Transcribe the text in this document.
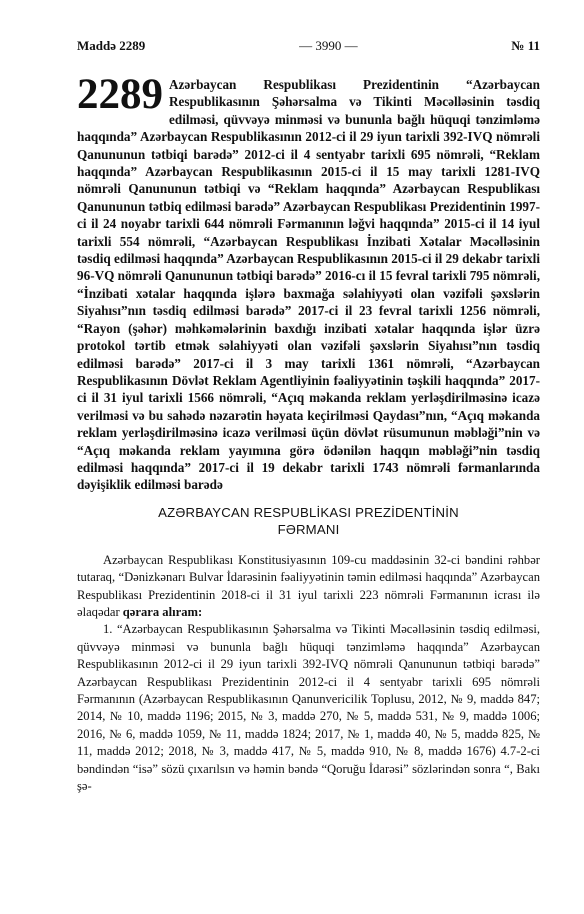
Maddə 2289	— 3990 —	№ 11
2289 Azərbaycan Respublikası Prezidentinin “Azərbaycan Respublikasının Şəhərsalma və Tikinti Məcəlləsinin təsdiq edilməsi, qüvvəyə minməsi və bununla bağlı hüquqi tənzimləmə haqqında” Azərbaycan Respublikasının 2012-ci il 29 iyun tarixli 392-IVQ nömrəli Qanununun tətbiqi barədə” 2012-ci il 4 sentyabr tarixli 695 nömrəli, “Reklam haqqında” Azərbaycan Respublikasının 2015-ci il 15 may tarixli 1281-IVQ nömrəli Qanununun tətbiqi və “Reklam haqqında” Azərbaycan Respublikası Qanununun tətbiq edilməsi barədə” Azərbaycan Respublikası Prezidentinin 1997-ci il 24 noyabr tarixli 644 nömrəli Fərmanının ləğvi haqqında” 2015-ci il 14 iyul tarixli 554 nömrəli, “Azərbaycan Respublikası İnzibati Xətalar Məcəlləsinin təsdiq edilməsi haqqında” Azərbaycan Respublikasının 2015-ci il 29 dekabr tarixli 96-VQ nömrəli Qanununun tətbiqi barədə” 2016-cı il 15 fevral tarixli 795 nömrəli, “İnzibati xətalar haqqında işlərə baxmağa səlahiyyəti olan vəzifəli şəxslərin Siyahısı”nın təsdiq edilməsi barədə” 2017-ci il 23 fevral tarixli 1256 nömrəli, “Rayon (şəhər) məhkəmələrinin baxdığı inzibati xətalar haqqında işlər üzrə protokol tərtib etmək səlahiyyəti olan vəzifəli şəxslərin Siyahısı”nın təsdiq edilməsi barədə” 2017-ci il 3 may tarixli 1361 nömrəli, “Azərbaycan Respublikasının Dövlət Reklam Agentliyinin fəaliyyətinin təşkili haqqında” 2017-ci il 31 iyul tarixli 1566 nömrəli, “Açıq məkanda reklam yerləşdirilməsinə icazə verilməsi və bu sahədə nəzarətin həyata keçirilməsi Qaydası”nın, “Açıq məkanda reklam yerləşdirilməsinə icazə verilməsi üçün dövlət rüsumunun məbləği”nin və “Açıq məkanda reklam yayımına görə ödənilən haqqın məbləği”nin təsdiq edilməsi haqqında” 2017-ci il 19 dekabr tarixli 1743 nömrəli fərmanlarında dəyişiklik edilməsi barədə
AZƏRBAYCAN RESPUBLİKASI PREZİDENTİNİN
FƏRMANI

Azərbaycan Respublikası Konstitusiyasının 109-cu maddəsinin 32-ci bəndini rəhbər tutaraq, “Dənizkənarı Bulvar İdarəsinin fəaliyyətinin təmin edilməsi haqqında” Azərbaycan Respublikası Prezidentinin 2018-ci il 31 iyul tarixli 223 nömrəli Fərmanının icrası ilə əlaqədar qərara alıram:

1. “Azərbaycan Respublikasının Şəhərsalma və Tikinti Məcəlləsinin təsdiq edilməsi, qüvvəyə minməsi və bununla bağlı hüquqi tənzimləmə haqqında” Azərbaycan Respublikasının 2012-ci il 29 iyun tarixli 392-IVQ nömrəli Qanununun tətbiqi barədə” Azərbaycan Respublikası Prezidentinin 2012-ci il 4 sentyabr tarixli 695 nömrəli Fərmanının (Azərbaycan Respublikasının Qanunvericilik Toplusu, 2012, № 9, maddə 847; 2014, № 10, maddə 1196; 2015, № 3, maddə 270, № 5, maddə 531, № 9, maddə 1006; 2016, № 6, maddə 1059, № 11, maddə 1824; 2017, № 1, maddə 40, № 5, maddə 825, № 11, maddə 2012; 2018, № 3, maddə 417, № 5, maddə 910, № 8, maddə 1676) 4.7-2-ci bəndindən “isə” sözü çıxarılsın və həmin bəndə “Qoruğu İdarəsi” sözlərindən sonra “, Bakı şə-
